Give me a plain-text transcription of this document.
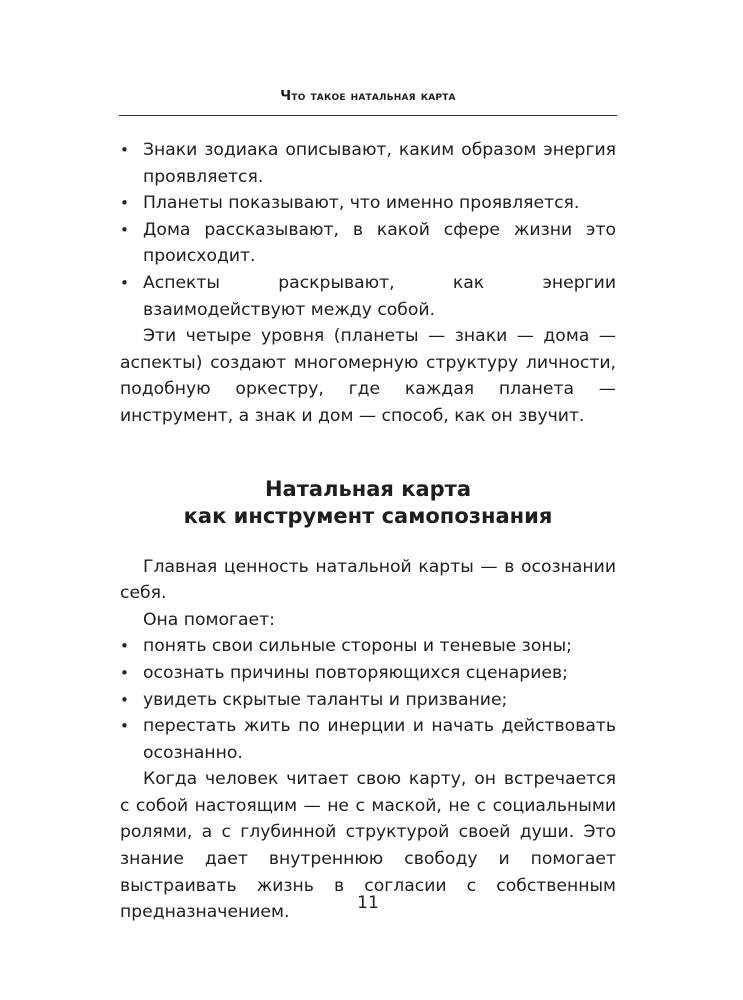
Что такое натальная карта
• Знаки зодиака описывают, каким образом энергия проявляется.
• Планеты показывают, что именно проявляется.
• Дома рассказывают, в какой сфере жизни это происходит.
• Аспекты раскрывают, как энергии взаимодействуют между собой.

Эти четыре уровня (планеты — знаки — дома — аспекты) создают многомерную структуру личности, подобную оркестру, где каждая планета — инструмент, а знак и дом — способ, как он звучит.

Натальная карта
как инструмент самопознания

Главная ценность натальной карты — в осознании себя.

Она помогает:

• понять свои сильные стороны и теневые зоны;
• осознать причины повторяющихся сценариев;
• увидеть скрытые таланты и призвание;
• перестать жить по инерции и начать действовать осознанно.

Когда человек читает свою карту, он встречается с собой настоящим — не с маской, не с социальными ролями, а с глубинной структурой своей души. Это знание дает внутреннюю свободу и помогает выстраивать жизнь в согласии с собственным предназначением.	11
